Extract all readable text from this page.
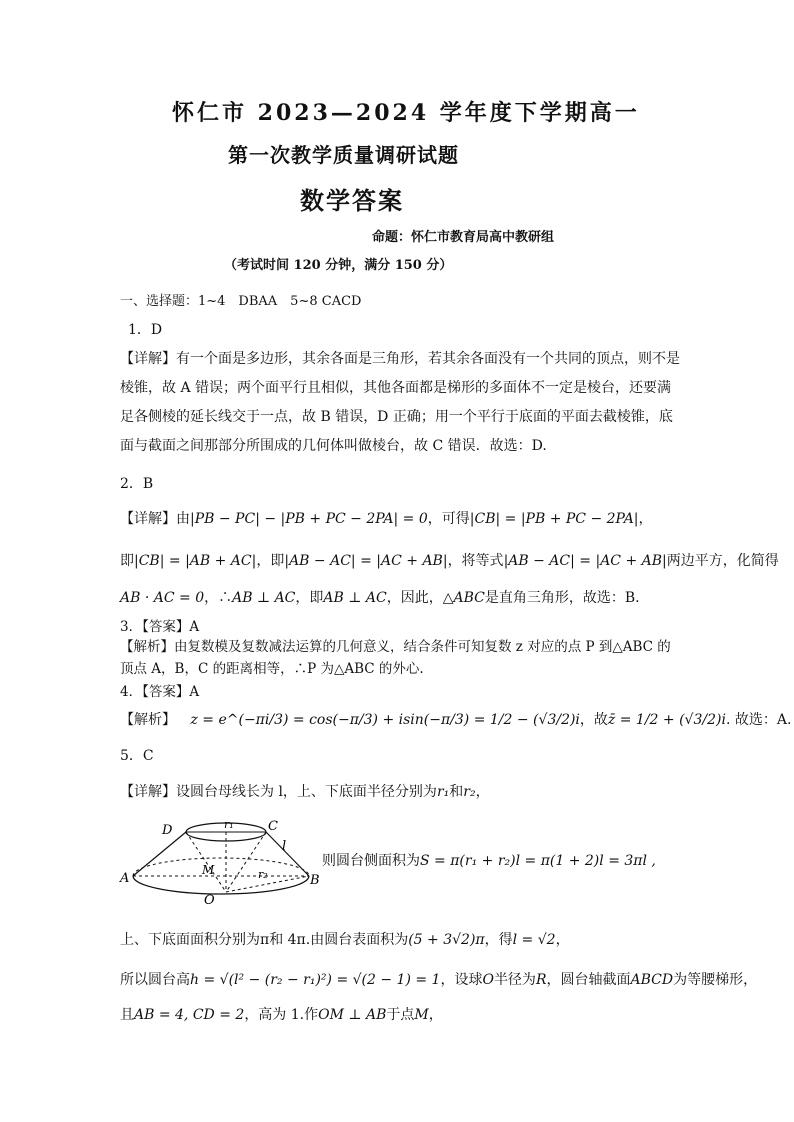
怀仁市 2023—2024 学年度下学期高一
第一次教学质量调研试题
数学答案
命题：怀仁市教育局高中教研组
（考试时间 120 分钟，满分 150 分）
一、选择题：1~4　DBAA　5~8 CACD
1．D
【详解】有一个面是多边形，其余各面是三角形，若其余各面没有一个共同的顶点，则不是棱锥，故 A 错误；两个面平行且相似，其他各面都是梯形的多面体不一定是棱台，还要满足各侧棱的延长线交于一点，故 B 错误，D 正确；用一个平行于底面的平面去截棱锥，底面与截面之间那部分所围成的几何体叫做棱台，故 C 错误．故选：D.
2．B
【详解】由|PB − PC| − |PB + PC − 2PA| = 0，可得|CB| = |PB + PC − 2PA|，
即|CB| = |AB + AC|，即|AB − AC| = |AC + AB|，将等式|AB − AC| = |AC + AB|两边平方，化简得
AB · AC = 0，∴AB ⊥ AC，即AB ⊥ AC，因此，△ABC是直角三角形，故选：B.
3．【答案】A
【解析】由复数模及复数减法运算的几何意义，结合条件可知复数 z 对应的点 P 到△ABC 的顶点 A，B，C 的距离相等，∴P 为△ABC 的外心.
4．【答案】A
【解析】 z = e^(−πi/3) = cos(−π/3) + isin(−π/3) = 1/2 − (√3/2)i，故z̄ = 1/2 + (√3/2)i. 故选：A.
5．C
【详解】设圆台母线长为 l，上、下底面半径分别为r₁和r₂，
D	C
r₁
l
M	r₂
A	B
O
则圆台侧面积为S = π(r₁ + r₂)l = π(1 + 2)l = 3πl ,
上、下底面面积分别为π和 4π.由圆台表面积为(5 + 3√2)π，得l = √2，
所以圆台高h = √(l² − (r₂ − r₁)²) = √(2 − 1) = 1，设球O半径为R，圆台轴截面ABCD为等腰梯形，
且AB = 4, CD = 2，高为 1.作OM ⊥ AB于点M，
